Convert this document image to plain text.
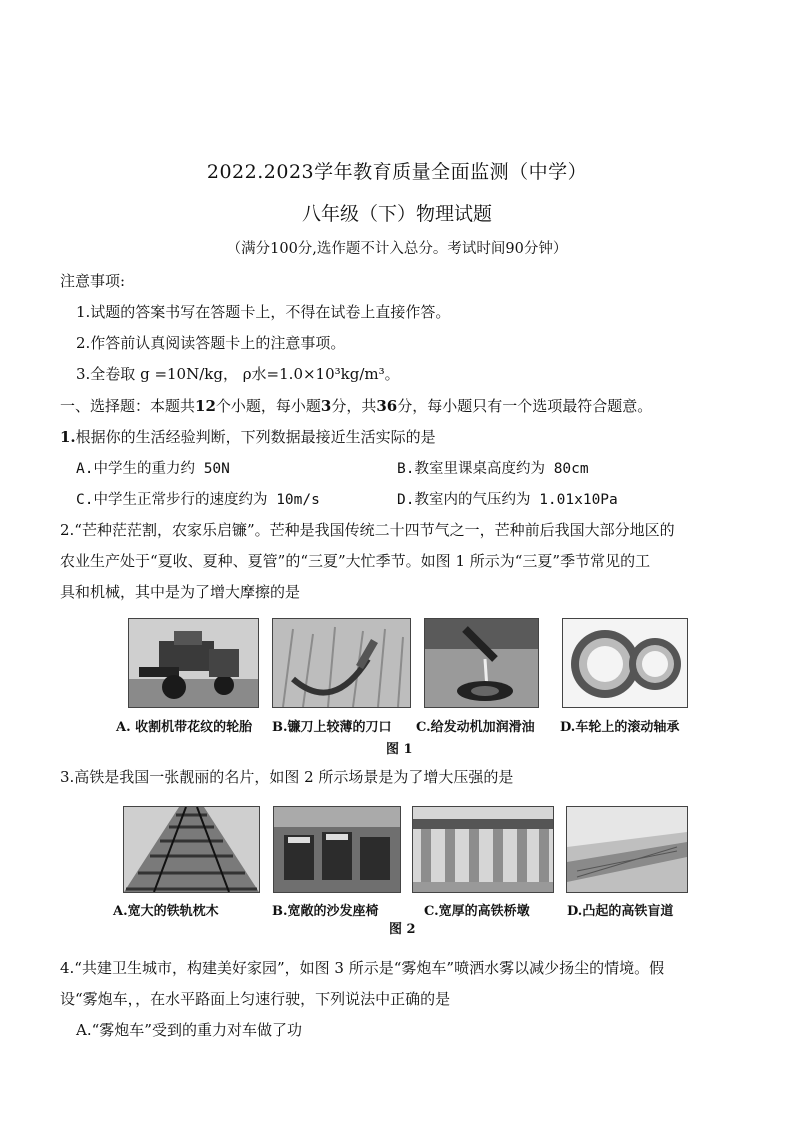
2022.2023学年教育质量全面监测（中学）
八年级（下）物理试题
（满分100分,选作题不计入总分。考试时间90分钟）
注意事项:
1.试题的答案书写在答题卡上，不得在试卷上直接作答。
2.作答前认真阅读答题卡上的注意事项。
3.全卷取 g =10N/kg， ρ水=1.0×10³kg/m³。
一、选择题：本题共12个小题，每小题3分，共36分，每小题只有一个选项最符合题意。
1.根据你的生活经验判断，下列数据最接近生活实际的是
A.中学生的重力约 50N	B.教室里课桌高度约为 80cm
C.中学生正常步行的速度约为 10m/s	D.教室内的气压约为 1.01x10Pa
2.“芒种茫茫割，农家乐启镰”。芒种是我国传统二十四节气之一，芒种前后我国大部分地区的
农业生产处于“夏收、夏种、夏管”的“三夏”大忙季节。如图 1 所示为“三夏”季节常见的工
具和机械，其中是为了增大摩擦的是
A. 收割机带花纹的轮胎 B.镰刀上较薄的刀口 C.给发动机加润滑油 D.车轮上的滚动轴承
图 1
3.高铁是我国一张靓丽的名片，如图 2 所示场景是为了增大压强的是
A.宽大的铁轨枕木	B.宽敞的沙发座椅	C.宽厚的高铁桥墩	D.凸起的高铁盲道
图 2
4.“共建卫生城市，构建美好家园”，如图 3 所示是“雾炮车”喷洒水雾以减少扬尘的情境。假
设“雾炮车，，在水平路面上匀速行驶，下列说法中正确的是
A.“雾炮车”受到的重力对车做了功
